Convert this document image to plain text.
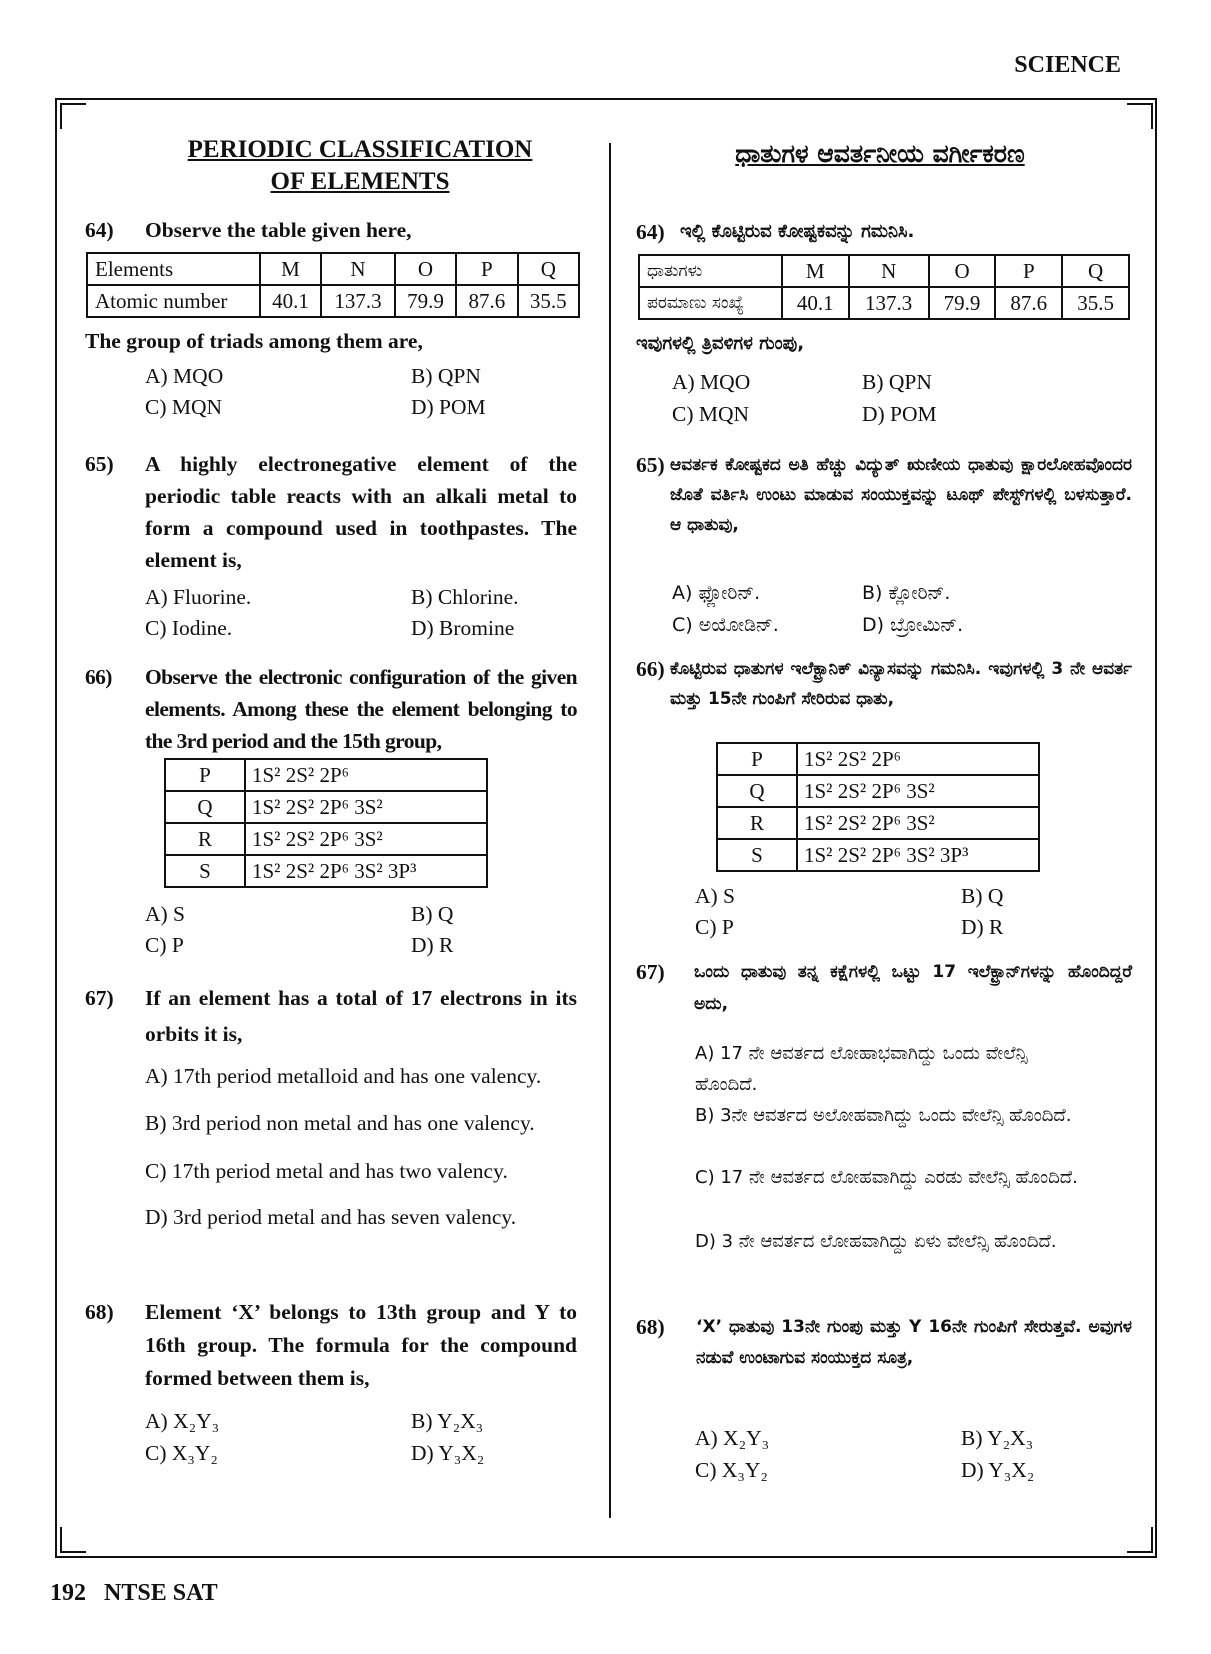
SCIENCE
192 NTSE SAT
PERIODIC CLASSIFICATION
OF ELEMENTS
64) Observe the table given here,
Elements	M	N	O	P	Q
Atomic number	40.1	137.3	79.9	87.6	35.5
The group of triads among them are,
A) MQO	B) QPN
C) MQN	D) POM
65) A highly electronegative element of the periodic table reacts with an alkali metal to form a compound used in toothpastes. The element is,
A) Fluorine.	B) Chlorine.
C) Iodine.	D) Bromine
66) Observe the electronic configuration of the given elements. Among these the element belonging to the 3rd period and the 15th group,
P	1S² 2S² 2P⁶
Q	1S² 2S² 2P⁶ 3S²
R	1S² 2S² 2P⁶ 3S²
S	1S² 2S² 2P⁶ 3S² 3P³
A) S	B) Q
C) P	D) R
67) If an element has a total of 17 electrons in its orbits it is,
A) 17th period metalloid and has one valency.
B) 3rd period non metal and has one valency.
C) 17th period metal and has two valency.
D) 3rd period metal and has seven valency.
68) Element ‘X’ belongs to 13th group and Y to 16th group. The formula for the compound formed between them is,
A) X₂Y₃	B) Y₂X₃
C) X₃Y₂	D) Y₃X₂
ಧಾತುಗಳ ಆವರ್ತನೀಯ ವರ್ಗೀಕರಣ
64) ಇಲ್ಲಿ ಕೊಟ್ಟಿರುವ ಕೋಷ್ಟಕವನ್ನು ಗಮನಿಸಿ.
ಧಾತುಗಳು	M	N	O	P	Q
ಪರಮಾಣು ಸಂಖ್ಯೆ	40.1	137.3	79.9	87.6	35.5
ಇವುಗಳಲ್ಲಿ ತ್ರಿವಳಿಗಳ ಗುಂಪು,
A) MQO	B) QPN
C) MQN	D) POM
65) ಆವರ್ತಕ ಕೋಷ್ಟಕದ ಅತಿ ಹೆಚ್ಚು ವಿದ್ಯುತ್ ಋಣೀಯ ಧಾತುವು ಕ್ಷಾರಲೋಹವೊಂದರ ಜೊತೆ ವರ್ತಿಸಿ ಉಂಟು ಮಾಡುವ ಸಂಯುಕ್ತವನ್ನು ಟೂಥ್ ಪೇಸ್ಟ್‌ಗಳಲ್ಲಿ ಬಳಸುತ್ತಾರೆ. ಆ ಧಾತುವು,
A) ಫ್ಲೋರಿನ್.	B) ಕ್ಲೋರಿನ್.
C) ಅಯೋಡಿನ್.	D) ಬ್ರೋಮಿನ್.
66) ಕೊಟ್ಟಿರುವ ಧಾತುಗಳ ಇಲೆಕ್ಟ್ರಾನಿಕ್ ವಿನ್ಯಾಸವನ್ನು ಗಮನಿಸಿ. ಇವುಗಳಲ್ಲಿ 3 ನೇ ಆವರ್ತ ಮತ್ತು 15ನೇ ಗುಂಪಿಗೆ ಸೇರಿರುವ ಧಾತು,
P	1S² 2S² 2P⁶
Q	1S² 2S² 2P⁶ 3S²
R	1S² 2S² 2P⁶ 3S²
S	1S² 2S² 2P⁶ 3S² 3P³
A) S	B) Q
C) P	D) R
67) ಒಂದು ಧಾತುವು ತನ್ನ ಕಕ್ಷೆಗಳಲ್ಲಿ ಒಟ್ಟು 17 ಇಲೆಕ್ಟ್ರಾನ್‌ಗಳನ್ನು ಹೊಂದಿದ್ದರೆ ಅದು,
A) 17 ನೇ ಆವರ್ತದ ಲೋಹಾಭವಾಗಿದ್ದು ಒಂದು ವೇಲೆನ್ಸಿ ಹೊಂದಿದೆ.
B) 3ನೇ ಆವರ್ತದ ಅಲೋಹವಾಗಿದ್ದು ಒಂದು ವೇಲೆನ್ಸಿ ಹೊಂದಿದೆ.
C) 17 ನೇ ಆವರ್ತದ ಲೋಹವಾಗಿದ್ದು ಎರಡು ವೇಲೆನ್ಸಿ ಹೊಂದಿದೆ.
D) 3 ನೇ ಆವರ್ತದ ಲೋಹವಾಗಿದ್ದು ಏಳು ವೇಲೆನ್ಸಿ ಹೊಂದಿದೆ.
68) ‘X’ ಧಾತುವು 13ನೇ ಗುಂಪು ಮತ್ತು Y 16ನೇ ಗುಂಪಿಗೆ ಸೇರುತ್ತವೆ. ಅವುಗಳ ನಡುವೆ ಉಂಟಾಗುವ ಸಂಯುಕ್ತದ ಸೂತ್ರ,
A) X₂Y₃	B) Y₂X₃
C) X₃Y₂	D) Y₃X₂
